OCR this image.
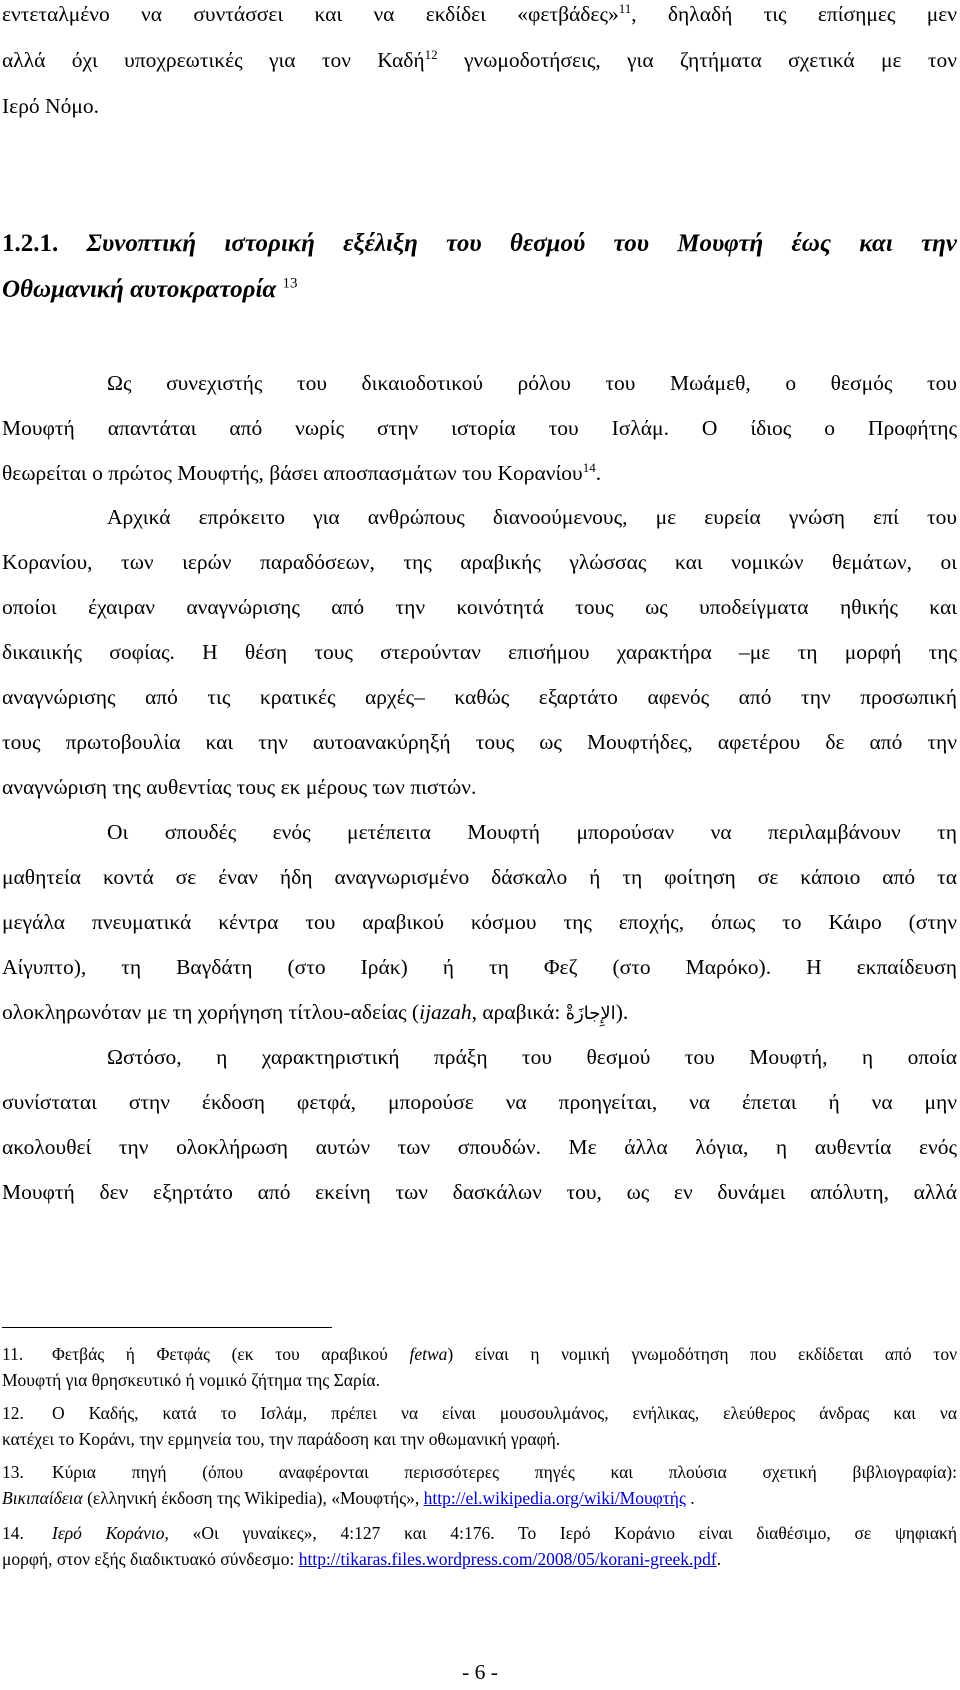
εντεταλμένο να συντάσσει και να εκδίδει «φετβάδες»$^{11}$, δηλαδή τις επίσημες μεν
αλλά όχι υποχρεωτικές για τον Καδή$^{12}$ γνωμοδοτήσεις, για ζητήματα σχετικά με τον
Ιερό Νόμο.
1.2.1. Συνοπτική ιστορική εξέλιξη του θεσμού του Μουφτή έως και την
Οθωμανική αυτοκρατορία $^{13}$
Ως συνεχιστής του δικαιοδοτικού ρόλου του Μωάμεθ, ο θεσμός του
Μουφτή απαντάται από νωρίς στην ιστορία του Ισλάμ. Ο ίδιος ο Προφήτης
θεωρείται ο πρώτος Μουφτής, βάσει αποσπασμάτων του Κορανίου$^{14}$.
Αρχικά επρόκειτο για ανθρώπους διανοούμενους, με ευρεία γνώση επί του
Κορανίου, των ιερών παραδόσεων, της αραβικής γλώσσας και νομικών θεμάτων, οι
οποίοι έχαιραν αναγνώρισης από την κοινότητά τους ως υποδείγματα ηθικής και
δικαιικής σοφίας. Η θέση τους στερούνταν επισήμου χαρακτήρα –με τη μορφή της
αναγνώρισης από τις κρατικές αρχές– καθώς εξαρτάτο αφενός από την προσωπική
τους πρωτοβουλία και την αυτοανακύρηξή τους ως Μουφτήδες, αφετέρου δε από την
αναγνώριση της αυθεντίας τους εκ μέρους των πιστών.
Οι σπουδές ενός μετέπειτα Μουφτή μπορούσαν να περιλαμβάνουν τη
μαθητεία κοντά σε έναν ήδη αναγνωρισμένο δάσκαλο ή τη φοίτηση σε κάποιο από τα
μεγάλα πνευματικά κέντρα του αραβικού κόσμου της εποχής, όπως το Κάιρο (στην
Αίγυπτο), τη Βαγδάτη (στο Ιράκ) ή τη Φεζ (στο Μαρόκο). Η εκπαίδευση
ολοκληρωνόταν με τη χορήγηση τίτλου-αδείας (ijazah, αραβικά: الإِجازَةْ).
Ωστόσο, η χαρακτηριστική πράξη του θεσμού του Μουφτή, η οποία
συνίσταται στην έκδοση φετφά, μπορούσε να προηγείται, να έπεται ή να μην
ακολουθεί την ολοκλήρωση αυτών των σπουδών. Με άλλα λόγια, η αυθεντία ενός
Μουφτή δεν εξηρτάτο από εκείνη των δασκάλων του, ως εν δυνάμει απόλυτη, αλλά
11. Φετβάς ή Φετφάς (εκ του αραβικού fetwa) είναι η νομική γνωμοδότηση που εκδίδεται από τον
Μουφτή για θρησκευτικό ή νομικό ζήτημα της Σαρία.
12. Ο Καδής, κατά το Ισλάμ, πρέπει να είναι μουσουλμάνος, ενήλικας, ελεύθερος άνδρας και να
κατέχει το Κοράνι, την ερμηνεία του, την παράδοση και την οθωμανική γραφή.
13. Κύρια πηγή (όπου αναφέρονται περισσότερες πηγές και πλούσια σχετική βιβλιογραφία):
Βικιπαίδεια (ελληνική έκδοση της Wikipedia), «Μουφτής», http://el.wikipedia.org/wiki/Μουφτής .
14. Ιερό Κοράνιο, «Οι γυναίκες», 4:127 και 4:176. Το Ιερό Κοράνιο είναι διαθέσιμο, σε ψηφιακή
μορφή, στον εξής διαδικτυακό σύνδεσμο: http://tikaras.files.wordpress.com/2008/05/korani-greek.pdf.
- 6 -
